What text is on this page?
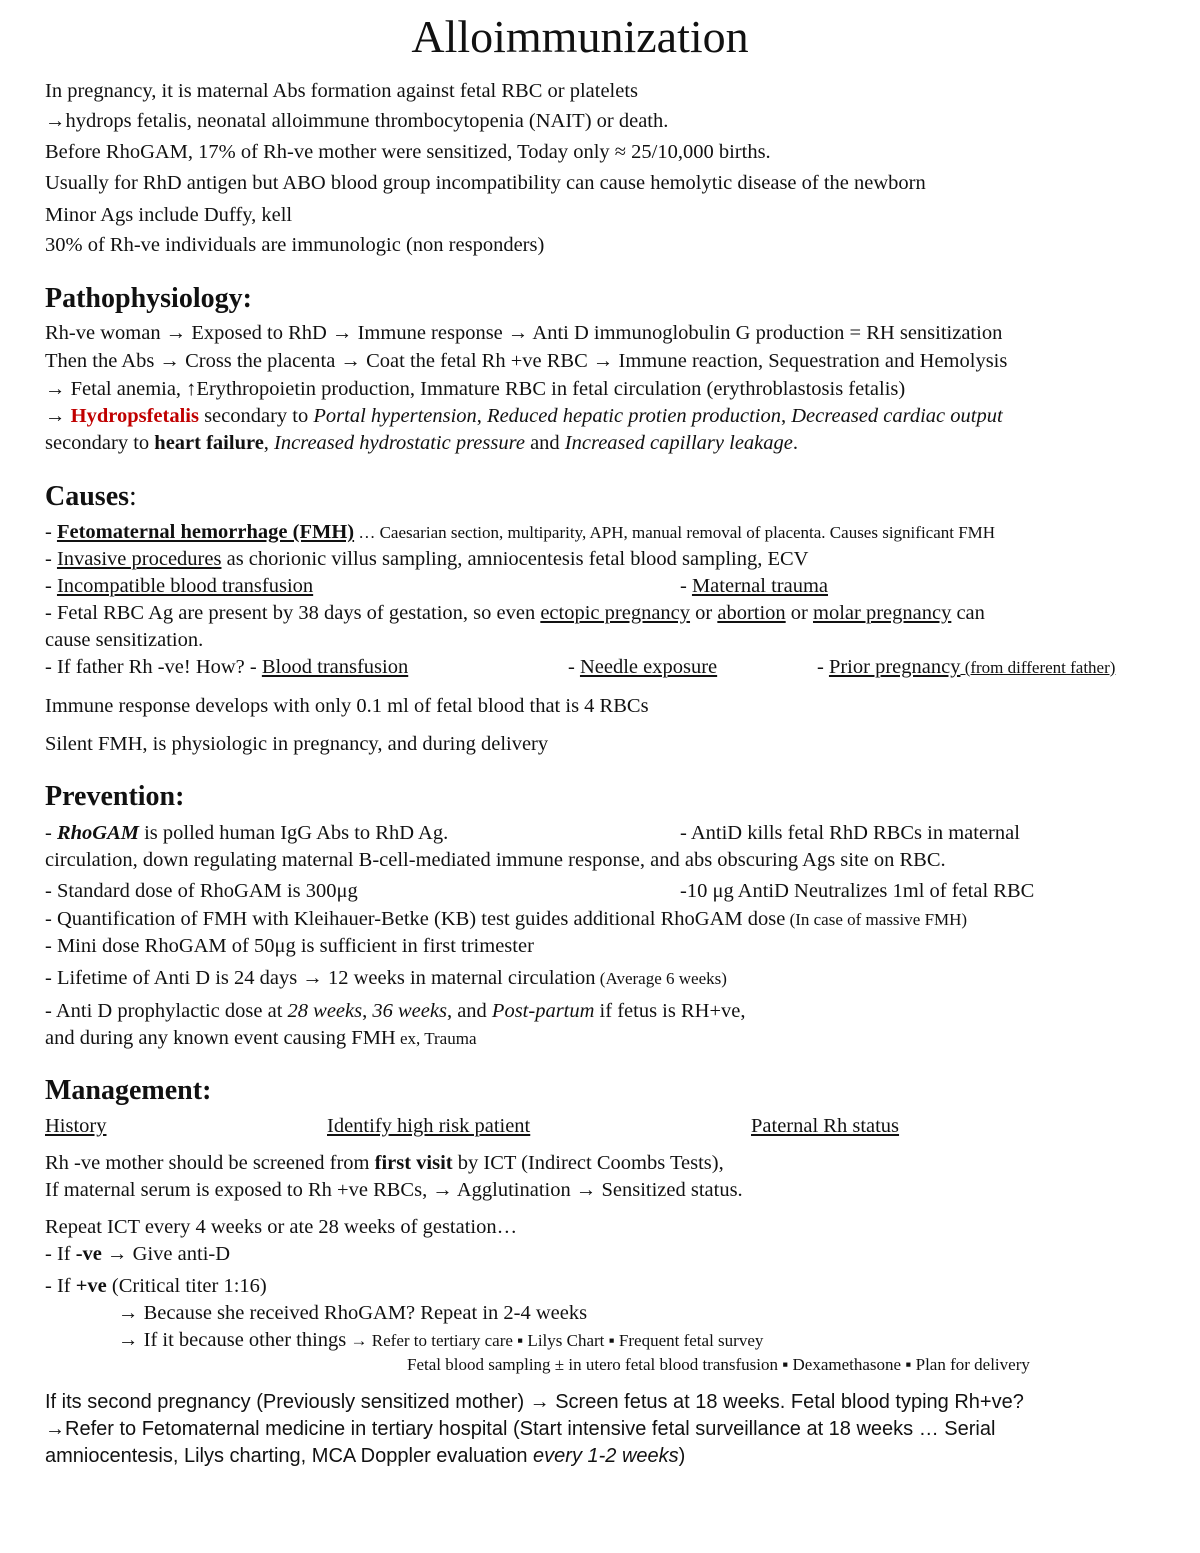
Alloimmunization
In pregnancy, it is maternal Abs formation against fetal RBC or platelets
→hydrops fetalis, neonatal alloimmune thrombocytopenia (NAIT) or death.
Before RhoGAM, 17% of Rh-ve mother were sensitized, Today only ≈ 25/10,000 births.
Usually for RhD antigen but ABO blood group incompatibility can cause hemolytic disease of the newborn
Minor Ags include Duffy, kell
30% of Rh-ve individuals are immunologic (non responders)
Pathophysiology:
Rh-ve woman → Exposed to RhD → Immune response → Anti D immunoglobulin G production = RH sensitization
Then the Abs → Cross the placenta → Coat the fetal Rh +ve RBC → Immune reaction, Sequestration and Hemolysis
→ Fetal anemia, ↑Erythropoietin production, Immature RBC in fetal circulation (erythroblastosis fetalis)
→ Hydropsfetalis secondary to Portal hypertension, Reduced hepatic protien production, Decreased cardiac output
secondary to heart failure, Increased hydrostatic pressure and Increased capillary leakage.
Causes:
- Fetomaternal hemorrhage (FMH) … Caesarian section, multiparity, APH, manual removal of placenta. Causes significant FMH
- Invasive procedures as chorionic villus sampling, amniocentesis fetal blood sampling, ECV
- Incompatible blood transfusion	- Maternal trauma
- Fetal RBC Ag are present by 38 days of gestation, so even ectopic pregnancy or abortion or molar pregnancy can
cause sensitization.
- If father Rh -ve! How? - Blood transfusion	- Needle exposure	- Prior pregnancy (from different father)
Immune response develops with only 0.1 ml of fetal blood that is 4 RBCs
Silent FMH, is physiologic in pregnancy, and during delivery
Prevention:
- RhoGAM is polled human IgG Abs to RhD Ag.	- AntiD kills fetal RhD RBCs in maternal
circulation, down regulating maternal B-cell-mediated immune response, and abs obscuring Ags site on RBC.
- Standard dose of RhoGAM is 300μg	-10 μg AntiD Neutralizes 1ml of fetal RBC
- Quantification of FMH with Kleihauer-Betke (KB) test guides additional RhoGAM dose (In case of massive FMH)
- Mini dose RhoGAM of 50μg is sufficient in first trimester
- Lifetime of Anti D is 24 days → 12 weeks in maternal circulation (Average 6 weeks)
- Anti D prophylactic dose at 28 weeks, 36 weeks, and Post-partum if fetus is RH+ve,
and during any known event causing FMH ex, Trauma
Management:
History	Identify high risk patient	Paternal Rh status
Rh -ve mother should be screened from first visit by ICT (Indirect Coombs Tests),
If maternal serum is exposed to Rh +ve RBCs, → Agglutination → Sensitized status.
Repeat ICT every 4 weeks or ate 28 weeks of gestation…
- If -ve → Give anti-D
- If +ve (Critical titer 1:16)
→ Because she received RhoGAM? Repeat in 2-4 weeks
→ If it because other things → Refer to tertiary care ▪ Lilys Chart ▪ Frequent fetal survey
Fetal blood sampling ± in utero fetal blood transfusion ▪ Dexamethasone ▪ Plan for delivery
If its second pregnancy (Previously sensitized mother) → Screen fetus at 18 weeks. Fetal blood typing Rh+ve?
→Refer to Fetomaternal medicine in tertiary hospital (Start intensive fetal surveillance at 18 weeks … Serial
amniocentesis, Lilys charting, MCA Doppler evaluation every 1-2 weeks)
